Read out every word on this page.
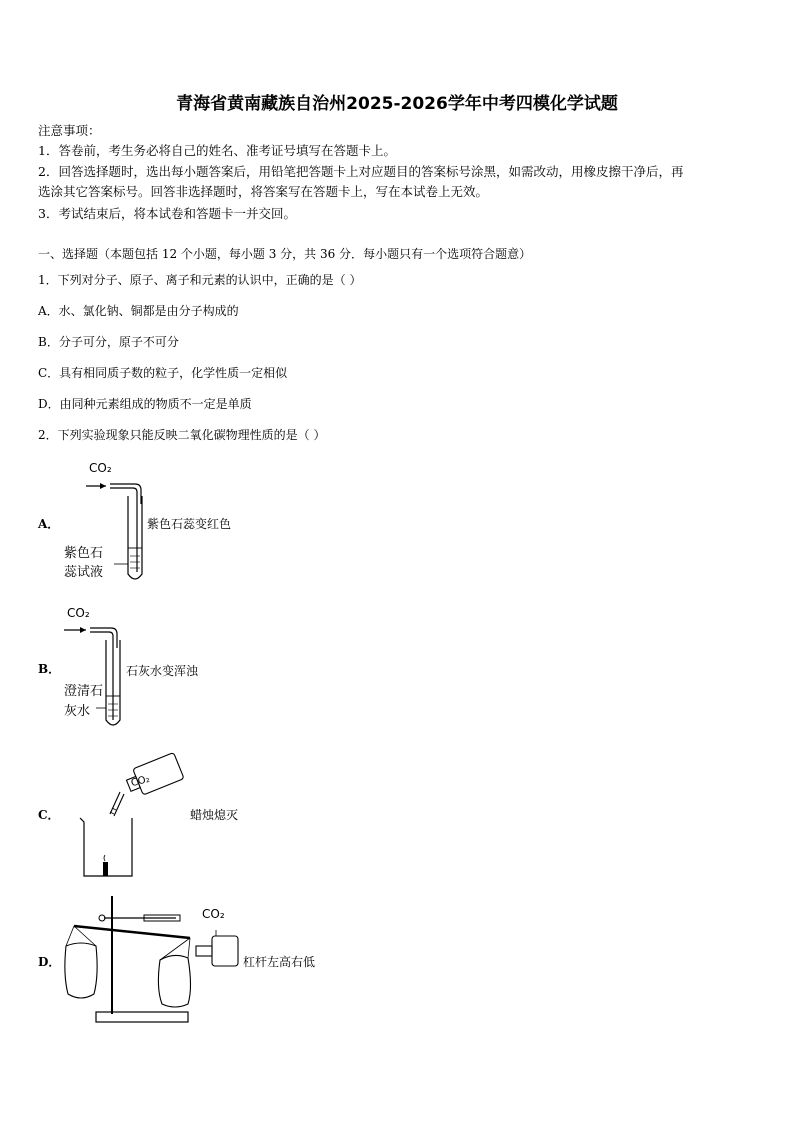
青海省黄南藏族自治州2025-2026学年中考四模化学试题
注意事项：
1．答卷前，考生务必将自己的姓名、准考证号填写在答题卡上。
2．回答选择题时，选出每小题答案后，用铅笔把答题卡上对应题目的答案标号涂黑，如需改动，用橡皮擦干净后，再
选涂其它答案标号。回答非选择题时，将答案写在答题卡上，写在本试卷上无效。
3．考试结束后，将本试卷和答题卡一并交回。
一、选择题（本题包括 12 个小题，每小题 3 分，共 36 分．每小题只有一个选项符合题意）
1．下列对分子、原子、离子和元素的认识中，正确的是（ ）
A．水、氯化钠、铜都是由分子构成的
B．分子可分，原子不可分
C．具有相同质子数的粒子，化学性质一定相似
D．由同种元素组成的物质不一定是单质
2．下列实验现象只能反映二氧化碳物理性质的是（ ）
A．
CO₂
紫色石
蕊试液
紫色石蕊变红色
B．
CO₂
澄清石
灰水
石灰水变浑浊
C．	蜡烛熄灭
CO₂
D．	杠杆左高右低
CO₂
